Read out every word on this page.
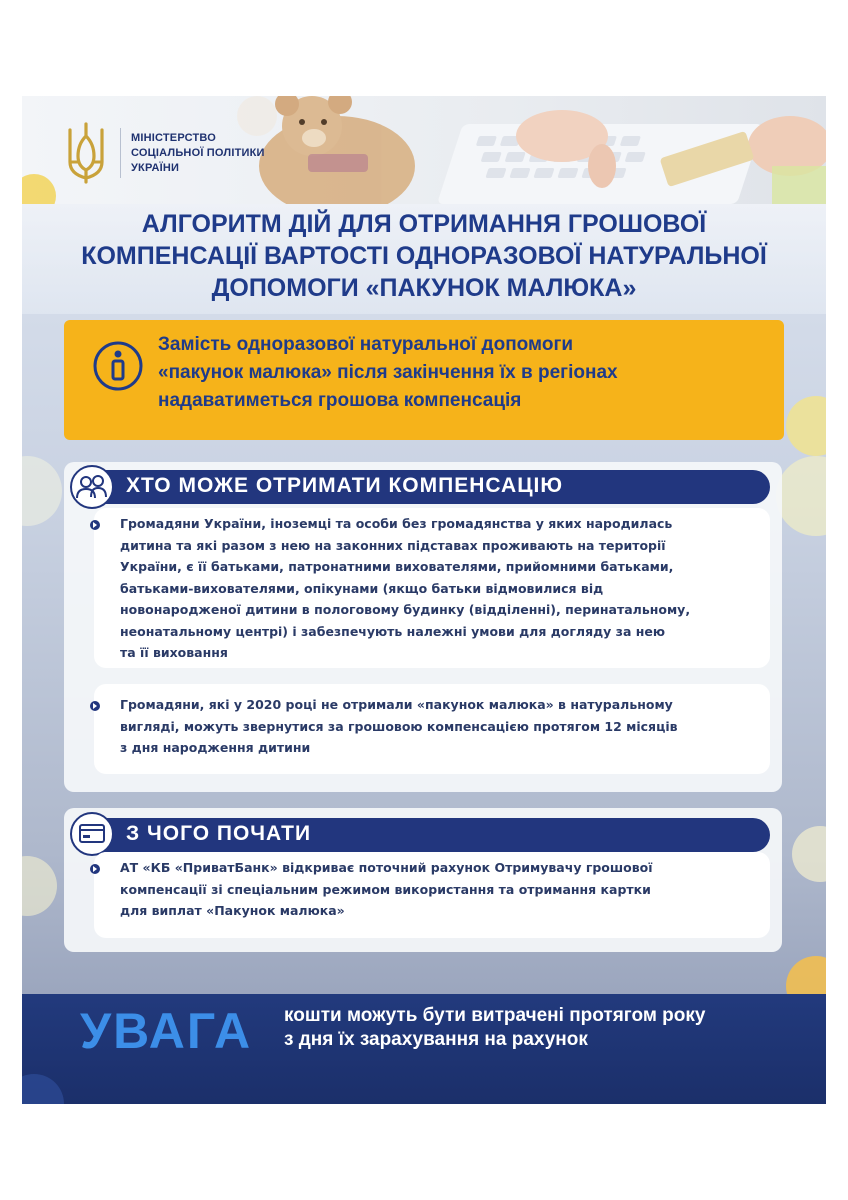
МІНІСТЕРСТВО
СОЦІАЛЬНОЇ ПОЛІТИКИ
УКРАЇНИ
АЛГОРИТМ ДІЙ ДЛЯ ОТРИМАННЯ ГРОШОВОЇ
КОМПЕНСАЦІЇ ВАРТОСТІ ОДНОРАЗОВОЇ НАТУРАЛЬНОЇ
ДОПОМОГИ «ПАКУНОК МАЛЮКА»
Замість одноразової натуральної допомоги
«пакунок малюка» після закінчення їх в регіонах
надаватиметься грошова компенсація
ХТО МОЖЕ ОТРИМАТИ КОМПЕНСАЦІЮ
Громадяни України, іноземці та особи без громадянства у яких народилась
дитина та які разом з нею на законних підставах проживають на території
України, є її батьками, патронатними вихователями, прийомними батьками,
батьками-вихователями, опікунами (якщо батьки відмовилися від
новонародженої дитини в пологовому будинку (відділенні), перинатальному,
неонатальному центрі) і забезпечують належні умови для догляду за нею
та її виховання
Громадяни, які у 2020 році не отримали «пакунок малюка» в натуральному
вигляді, можуть звернутися за грошовою компенсацією протягом 12 місяців
з дня народження дитини
З ЧОГО ПОЧАТИ
АТ «КБ «ПриватБанк» відкриває поточний рахунок Отримувачу грошової
компенсації зі спеціальним режимом використання та отримання картки
для виплат «Пакунок малюка»
УВАГА кошти можуть бути витрачені протягом року
з дня їх зарахування на рахунок
